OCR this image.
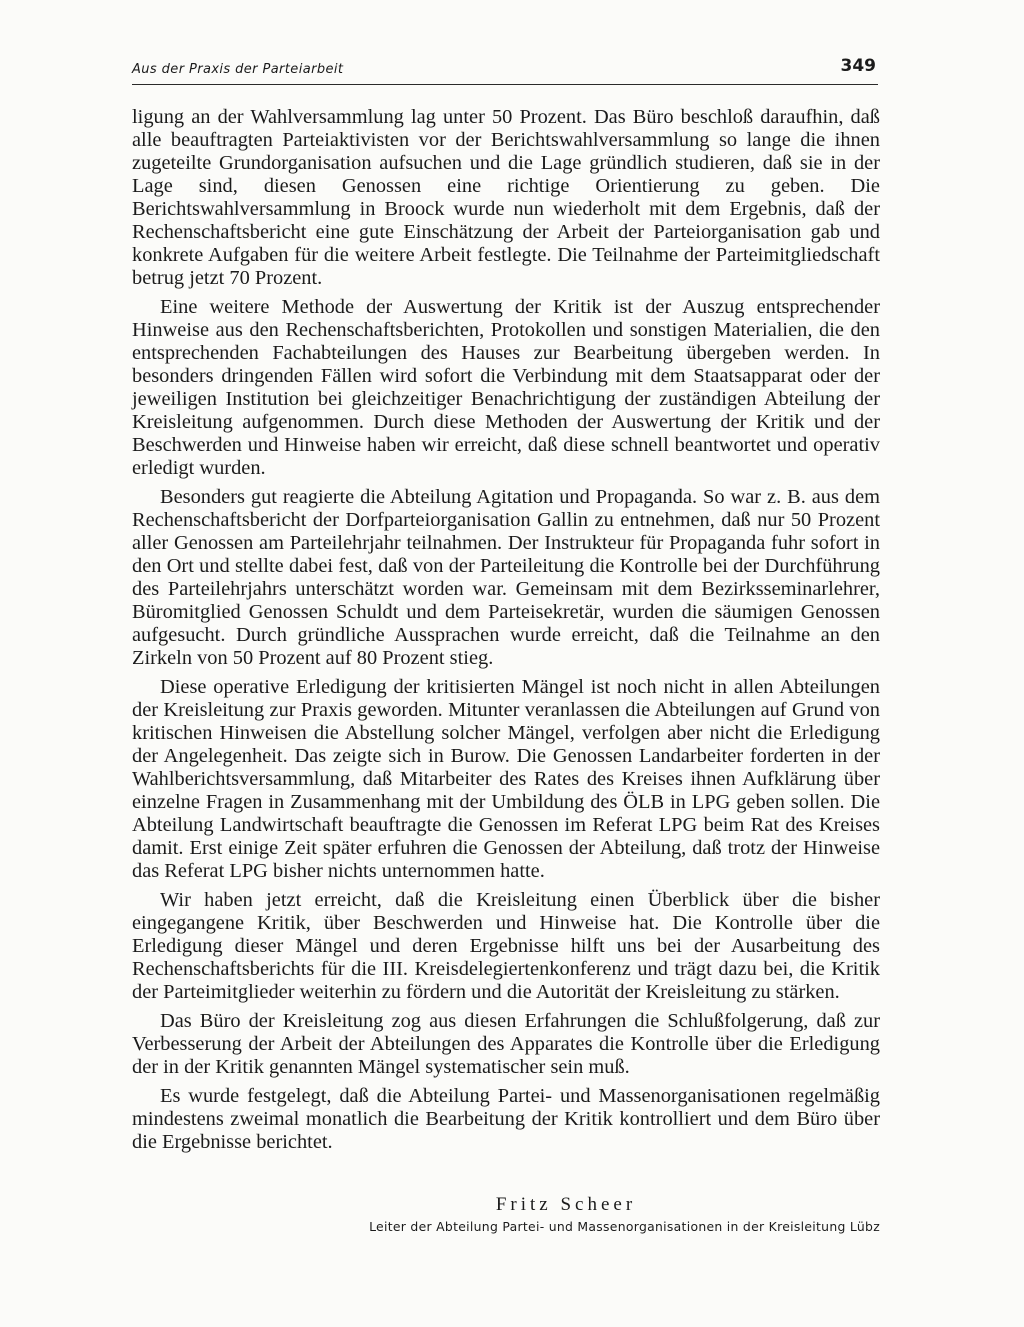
Aus der Praxis der Parteiarbeit	349

ligung an der Wahlversammlung lag unter 50 Prozent. Das Büro beschloß daraufhin, daß alle beauftragten Parteiaktivisten vor der Berichtswahlversammlung so lange die ihnen zugeteilte Grundorganisation aufsuchen und die Lage gründlich studieren, daß sie in der Lage sind, diesen Genossen eine richtige Orientierung zu geben. Die Berichtswahlversammlung in Broock wurde nun wiederholt mit dem Ergebnis, daß der Rechenschaftsbericht eine gute Einschätzung der Arbeit der Parteiorganisation gab und konkrete Aufgaben für die weitere Arbeit festlegte. Die Teilnahme der Parteimitgliedschaft betrug jetzt 70 Prozent.

Eine weitere Methode der Auswertung der Kritik ist der Auszug entsprechender Hinweise aus den Rechenschaftsberichten, Protokollen und sonstigen Materialien, die den entsprechenden Fachabteilungen des Hauses zur Bearbeitung übergeben werden. In besonders dringenden Fällen wird sofort die Verbindung mit dem Staatsapparat oder der jeweiligen Institution bei gleichzeitiger Benachrichtigung der zuständigen Abteilung der Kreisleitung aufgenommen. Durch diese Methoden der Auswertung der Kritik und der Beschwerden und Hinweise haben wir erreicht, daß diese schnell beantwortet und operativ erledigt wurden.

Besonders gut reagierte die Abteilung Agitation und Propaganda. So war z. B. aus dem Rechenschaftsbericht der Dorfparteiorganisation Gallin zu entnehmen, daß nur 50 Prozent aller Genossen am Parteilehrjahr teilnahmen. Der Instrukteur für Propaganda fuhr sofort in den Ort und stellte dabei fest, daß von der Parteileitung die Kontrolle bei der Durchführung des Parteilehrjahrs unterschätzt worden war. Gemeinsam mit dem Bezirksseminarlehrer, Büromitglied Genossen Schuldt und dem Parteisekretär, wurden die säumigen Genossen aufgesucht. Durch gründliche Aussprachen wurde erreicht, daß die Teilnahme an den Zirkeln von 50 Prozent auf 80 Prozent stieg.

Diese operative Erledigung der kritisierten Mängel ist noch nicht in allen Abteilungen der Kreisleitung zur Praxis geworden. Mitunter veranlassen die Abteilungen auf Grund von kritischen Hinweisen die Abstellung solcher Mängel, verfolgen aber nicht die Erledigung der Angelegenheit. Das zeigte sich in Burow. Die Genossen Landarbeiter forderten in der Wahlberichtsversammlung, daß Mitarbeiter des Rates des Kreises ihnen Aufklärung über einzelne Fragen in Zusammenhang mit der Umbildung des ÖLB in LPG geben sollen. Die Abteilung Landwirtschaft beauftragte die Genossen im Referat LPG beim Rat des Kreises damit. Erst einige Zeit später erfuhren die Genossen der Abteilung, daß trotz der Hinweise das Referat LPG bisher nichts unternommen hatte.

Wir haben jetzt erreicht, daß die Kreisleitung einen Überblick über die bisher eingegangene Kritik, über Beschwerden und Hinweise hat. Die Kontrolle über die Erledigung dieser Mängel und deren Ergebnisse hilft uns bei der Ausarbeitung des Rechenschaftsberichts für die III. Kreisdelegiertenkonferenz und trägt dazu bei, die Kritik der Parteimitglieder weiterhin zu fördern und die Autorität der Kreisleitung zu stärken.

Das Büro der Kreisleitung zog aus diesen Erfahrungen die Schlußfolgerung, daß zur Verbesserung der Arbeit der Abteilungen des Apparates die Kontrolle über die Erledigung der in der Kritik genannten Mängel systematischer sein muß.

Es wurde festgelegt, daß die Abteilung Partei- und Massenorganisationen regelmäßig mindestens zweimal monatlich die Bearbeitung der Kritik kontrolliert und dem Büro über die Ergebnisse berichtet.

Fritz Scheer
Leiter der Abteilung Partei- und Massenorganisationen in der Kreisleitung Lübz
